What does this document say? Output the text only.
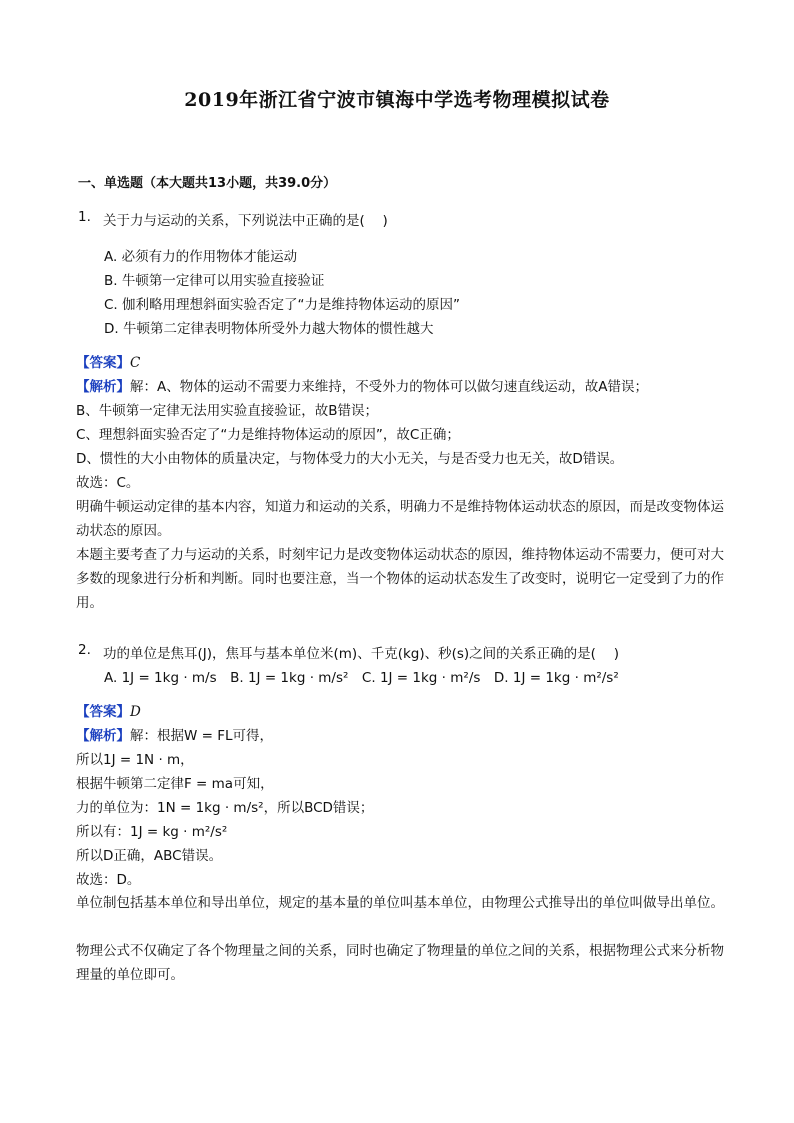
2019年浙江省宁波市镇海中学选考物理模拟试卷
一、单选题（本大题共13小题，共39.0分）
1. 关于力与运动的关系，下列说法中正确的是(　 )
A. 必须有力的作用物体才能运动
B. 牛顿第一定律可以用实验直接验证
C. 伽利略用理想斜面实验否定了“力是维持物体运动的原因”
D. 牛顿第二定律表明物体所受外力越大物体的惯性越大
【答案】C
【解析】解：A、物体的运动不需要力来维持，不受外力的物体可以做匀速直线运动，故A错误；
B、牛顿第一定律无法用实验直接验证，故B错误；
C、理想斜面实验否定了“力是维持物体运动的原因”，故C正确；
D、惯性的大小由物体的质量决定，与物体受力的大小无关，与是否受力也无关，故D错误。
故选：C。
明确牛顿运动定律的基本内容，知道力和运动的关系，明确力不是维持物体运动状态的原因，而是改变物体运动状态的原因。
本题主要考查了力与运动的关系，时刻牢记力是改变物体运动状态的原因，维持物体运动不需要力，便可对大多数的现象进行分析和判断。同时也要注意，当一个物体的运动状态发生了改变时，说明它一定受到了力的作用。
2. 功的单位是焦耳(J)，焦耳与基本单位米(m)、千克(kg)、秒(s)之间的关系正确的是(　 )
A. 1J = 1kg · m/s　B. 1J = 1kg · m/s²　C. 1J = 1kg · m²/s　D. 1J = 1kg · m²/s²
【答案】D
【解析】解：根据W = FL可得，
所以1J = 1N · m，
根据牛顿第二定律F = ma可知，
力的单位为：1N = 1kg · m/s²，所以BCD错误；
所以有：1J = kg · m²/s²
所以D正确，ABC错误。
故选：D。
单位制包括基本单位和导出单位，规定的基本量的单位叫基本单位，由物理公式推导出的单位叫做导出单位。
物理公式不仅确定了各个物理量之间的关系，同时也确定了物理量的单位之间的关系，根据物理公式来分析物理量的单位即可。
